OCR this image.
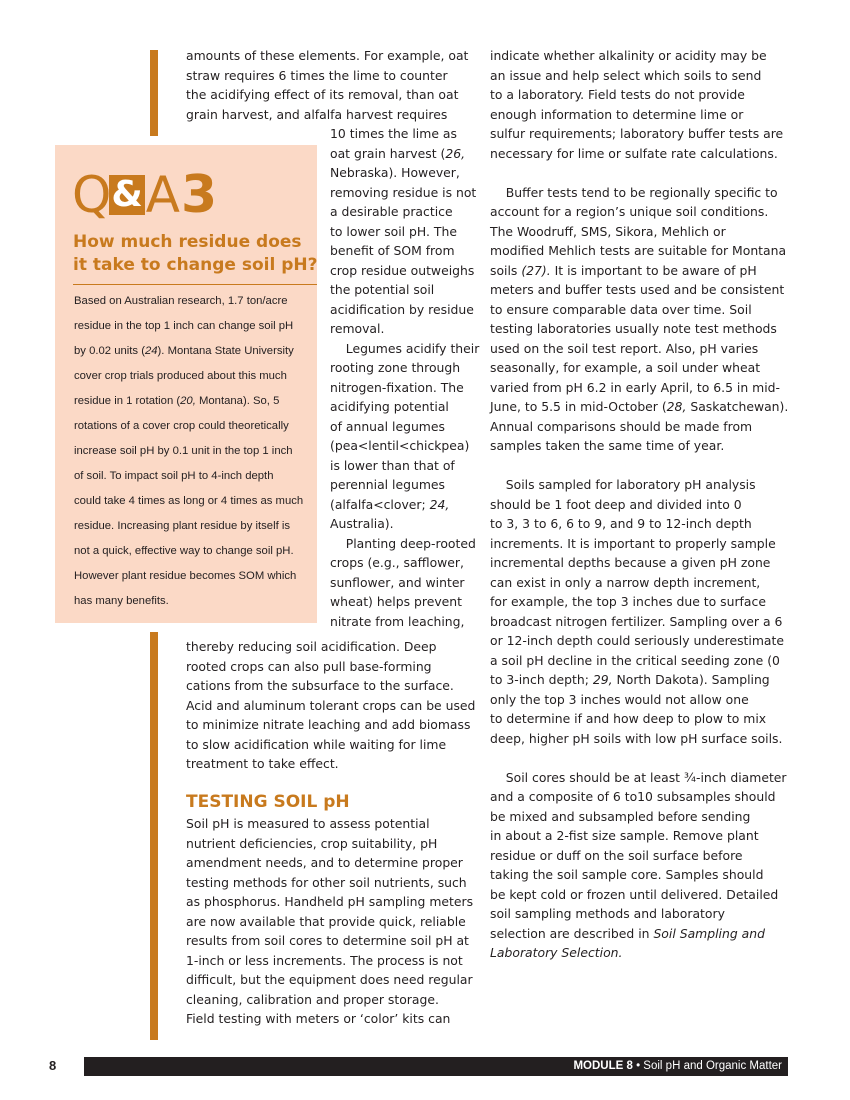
amounts of these elements. For example, oat
straw requires 6 times the lime to counter
the acidifying effect of its removal, than oat
grain harvest, and alfalfa harvest requires
10 times the lime as
oat grain harvest (26,
Nebraska). However,
removing residue is not
a desirable practice
to lower soil pH. The
benefit of SOM from
crop residue outweighs
the potential soil
acidification by residue
removal.
Legumes acidify their
rooting zone through
nitrogen-fixation. The
acidifying potential
of annual legumes
(pea<lentil<chickpea)
is lower than that of
perennial legumes
(alfalfa<clover; 24,
Australia).
Planting deep-rooted
crops (e.g., safflower,
sunflower, and winter
wheat) helps prevent
nitrate from leaching,
thereby reducing soil acidification. Deep
rooted crops can also pull base-forming
cations from the subsurface to the surface.
Acid and aluminum tolerant crops can be used
to minimize nitrate leaching and add biomass
to slow acidification while waiting for lime
treatment to take effect.
TESTING SOIL pH
Soil pH is measured to assess potential
nutrient deficiencies, crop suitability, pH
amendment needs, and to determine proper
testing methods for other soil nutrients, such
as phosphorus. Handheld pH sampling meters
are now available that provide quick, reliable
results from soil cores to determine soil pH at
1-inch or less increments. The process is not
difficult, but the equipment does need regular
cleaning, calibration and proper storage.
Field testing with meters or ‘color’ kits can
indicate whether alkalinity or acidity may be
an issue and help select which soils to send
to a laboratory. Field tests do not provide
enough information to determine lime or
sulfur requirements; laboratory buffer tests are
necessary for lime or sulfate rate calculations.
Buffer tests tend to be regionally specific to
account for a region’s unique soil conditions.
The Woodruff, SMS, Sikora, Mehlich or
modified Mehlich tests are suitable for Montana
soils (27). It is important to be aware of pH
meters and buffer tests used and be consistent
to ensure comparable data over time. Soil
testing laboratories usually note test methods
used on the soil test report. Also, pH varies
seasonally, for example, a soil under wheat
varied from pH 6.2 in early April, to 6.5 in mid-
June, to 5.5 in mid-October (28, Saskatchewan).
Annual comparisons should be made from
samples taken the same time of year.
Soils sampled for laboratory pH analysis
should be 1 foot deep and divided into 0
to 3, 3 to 6, 6 to 9, and 9 to 12-inch depth
increments. It is important to properly sample
incremental depths because a given pH zone
can exist in only a narrow depth increment,
for example, the top 3 inches due to surface
broadcast nitrogen fertilizer. Sampling over a 6
or 12-inch depth could seriously underestimate
a soil pH decline in the critical seeding zone (0
to 3-inch depth; 29, North Dakota). Sampling
only the top 3 inches would not allow one
to determine if and how deep to plow to mix
deep, higher pH soils with low pH surface soils.
Soil cores should be at least ¾-inch diameter
and a composite of 6 to10 subsamples should
be mixed and subsampled before sending
in about a 2-fist size sample. Remove plant
residue or duff on the soil surface before
taking the soil sample core. Samples should
be kept cold or frozen until delivered. Detailed
soil sampling methods and laboratory
selection are described in Soil Sampling and
Laboratory Selection.
Q&A3
How much residue does
it take to change soil pH?
Based on Australian research, 1.7 ton/acre
residue in the top 1 inch can change soil pH
by 0.02 units (24). Montana State University
cover crop trials produced about this much
residue in 1 rotation (20, Montana). So, 5
rotations of a cover crop could theoretically
increase soil pH by 0.1 unit in the top 1 inch
of soil. To impact soil pH to 4-inch depth
could take 4 times as long or 4 times as much
residue. Increasing plant residue by itself is
not a quick, effective way to change soil pH.
However plant residue becomes SOM which
has many benefits.
8	MODULE 8 • Soil pH and Organic Matter
